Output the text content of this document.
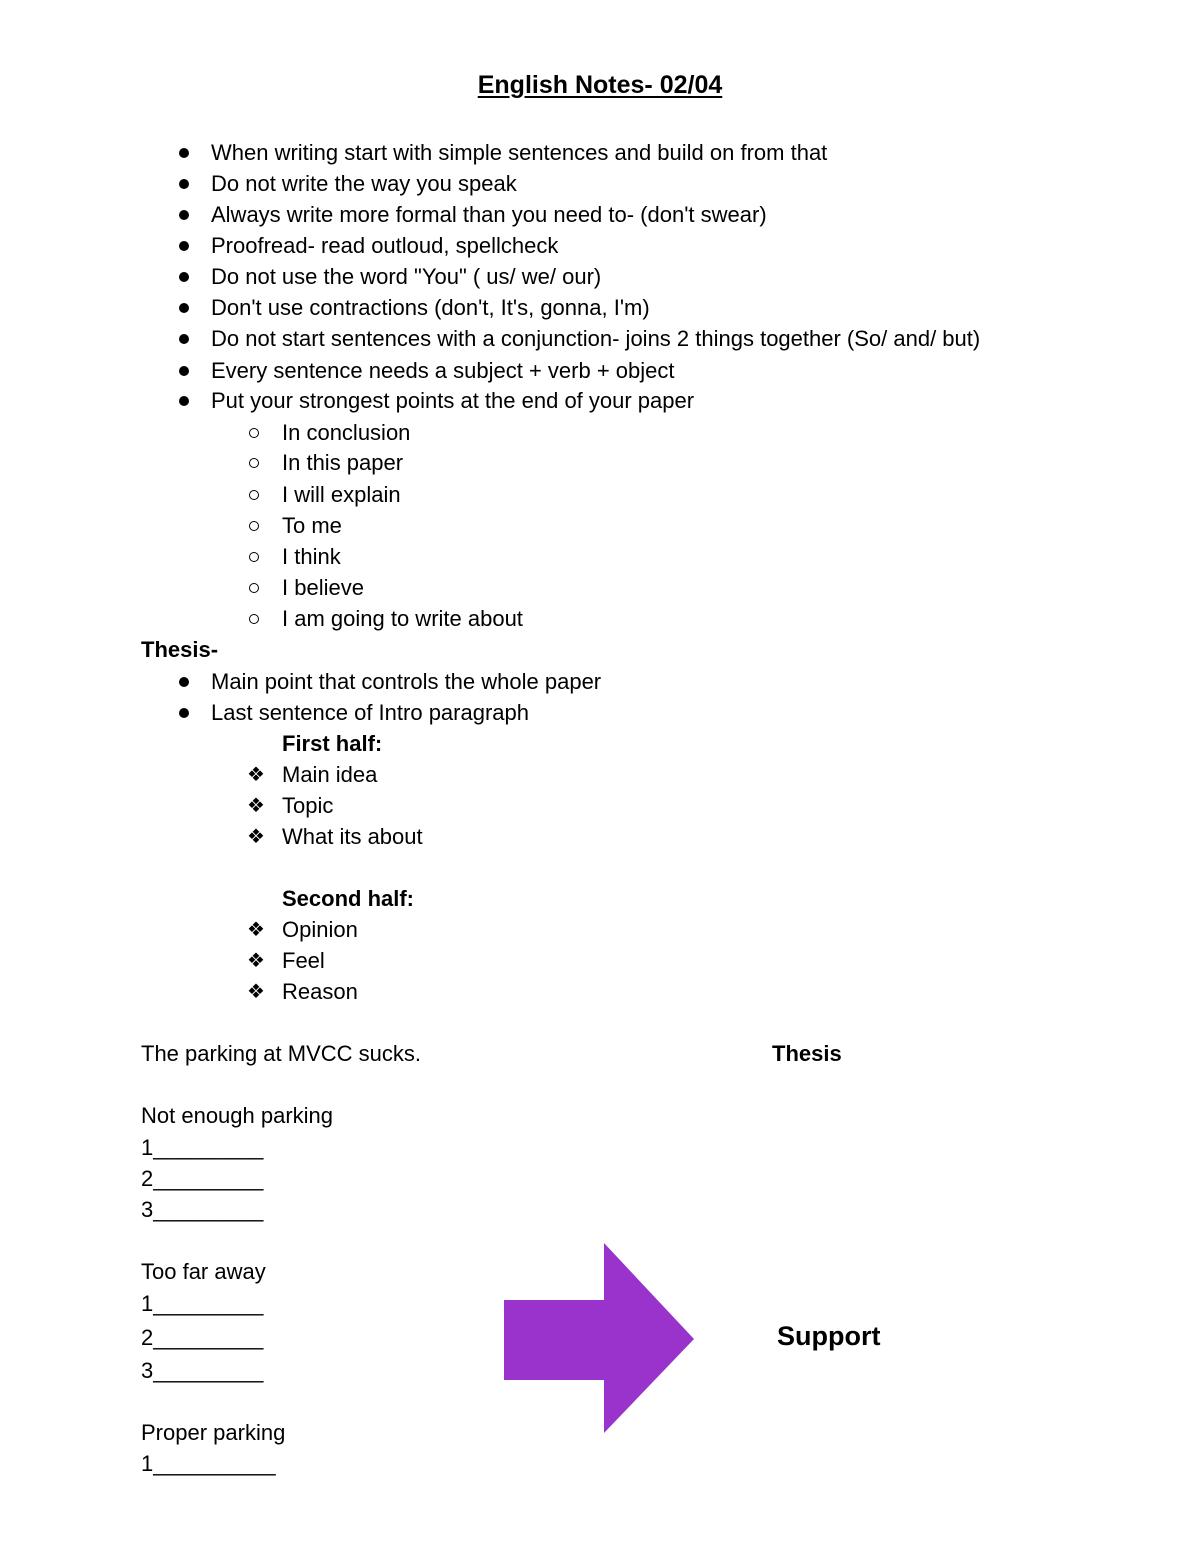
English Notes- 02/04
When writing start with simple sentences and build on from that
Do not write the way you speak
Always write more formal than you need to- (don't swear)
Proofread- read outloud, spellcheck
Do not use the word "You" ( us/ we/ our)
Don't use contractions (don't, It's, gonna, I'm)
Do not start sentences with a conjunction- joins 2 things together (So/ and/ but)
Every sentence needs a subject + verb + object
Put your strongest points at the end of your paper
In conclusion
In this paper
I will explain
To me
I think
I believe
I am going to write about
Thesis-
Main point that controls the whole paper
Last sentence of Intro paragraph
First half:
❖ Main idea
❖ Topic
❖ What its about
Second half:
❖ Opinion
❖ Feel
❖ Reason
The parking at MVCC sucks.	Thesis
Not enough parking
1_________
2_________
3_________
Too far away
1_________
2_________
3_________
Proper parking
1__________
Support
